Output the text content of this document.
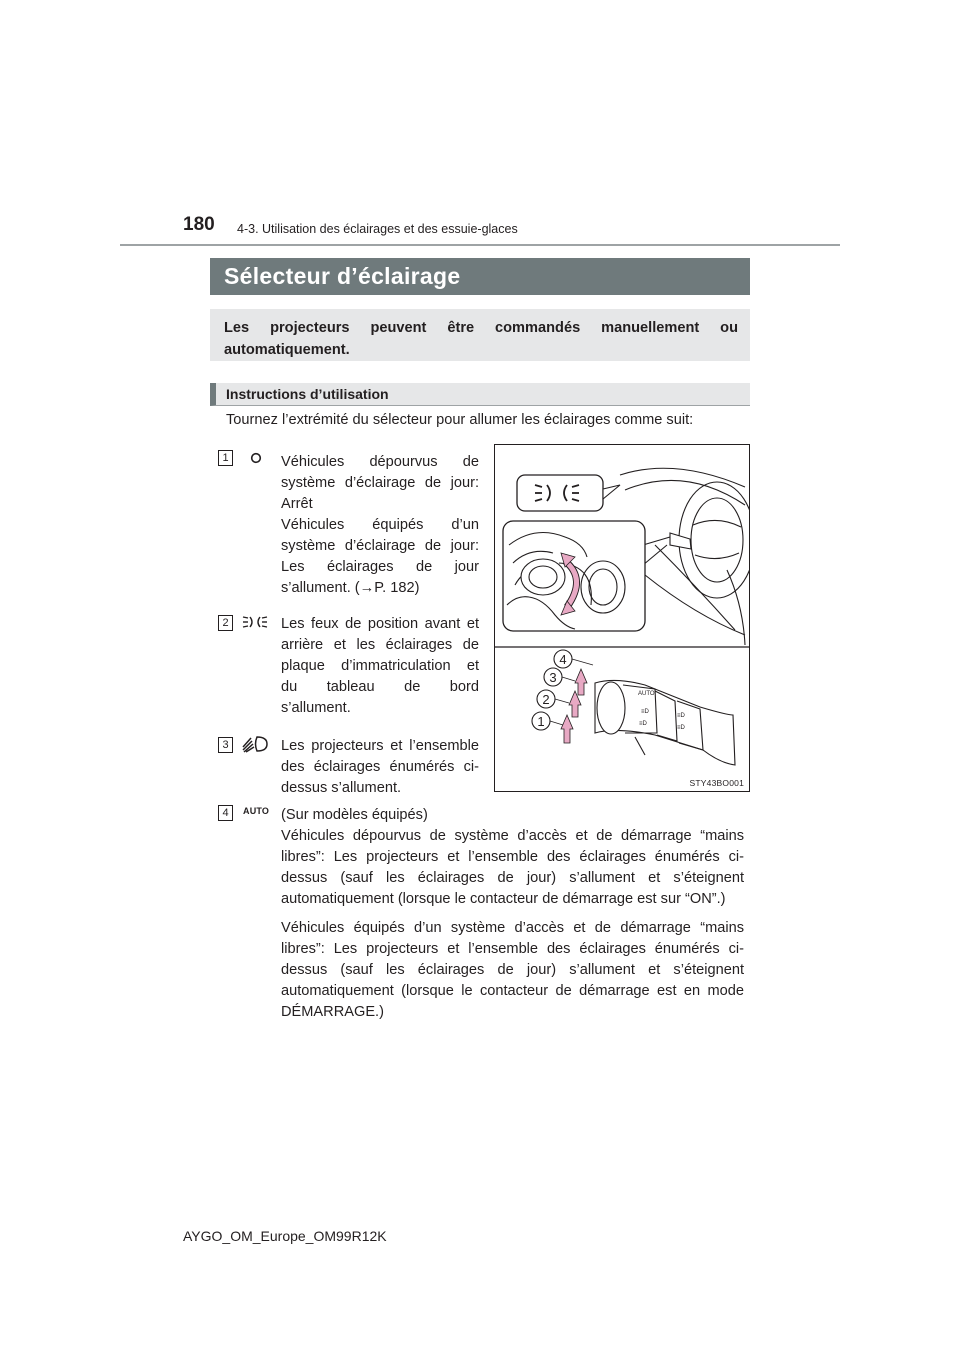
180 4-3. Utilisation des éclairages et des essuie-glaces
Sélecteur d’éclairage
Les projecteurs peuvent être commandés manuellement ou automatiquement.
Instructions d’utilisation
Tournez l’extrémité du sélecteur pour allumer les éclairages comme suit:
1	Véhicules dépourvus de
système d’éclairage de jour:
Arrêt
Véhicules équipés d’un
système d’éclairage de jour:
Les éclairages de jour
s’allument. (→P. 182)
2	Les feux de position avant et
arrière et les éclairages de
plaque d’immatriculation et
du tableau de bord
s’allument.
3	Les projecteurs et l’ensemble
des éclairages énumérés ci-
dessus s’allument.
4	AUTO (Sur modèles équipés)
Véhicules dépourvus de système d’accès et de démarrage “mains
libres”: Les projecteurs et l’ensemble des éclairages énumérés ci-
dessus (sauf les éclairages de jour) s’allument et s’éteignent
automatiquement (lorsque le contacteur de démarrage est sur “ON”.)
Véhicules équipés d’un système d’accès et de démarrage “mains
libres”: Les projecteurs et l’ensemble des éclairages énumérés ci-
dessus (sauf les éclairages de jour) s’allument et s’éteignent
automatiquement (lorsque le contacteur de démarrage est en mode
DÉMARRAGE.)
AUTO
≡D
≡D
≡D
≡D
1
2
3
4
STY43BO001
AYGO_OM_Europe_OM99R12K
